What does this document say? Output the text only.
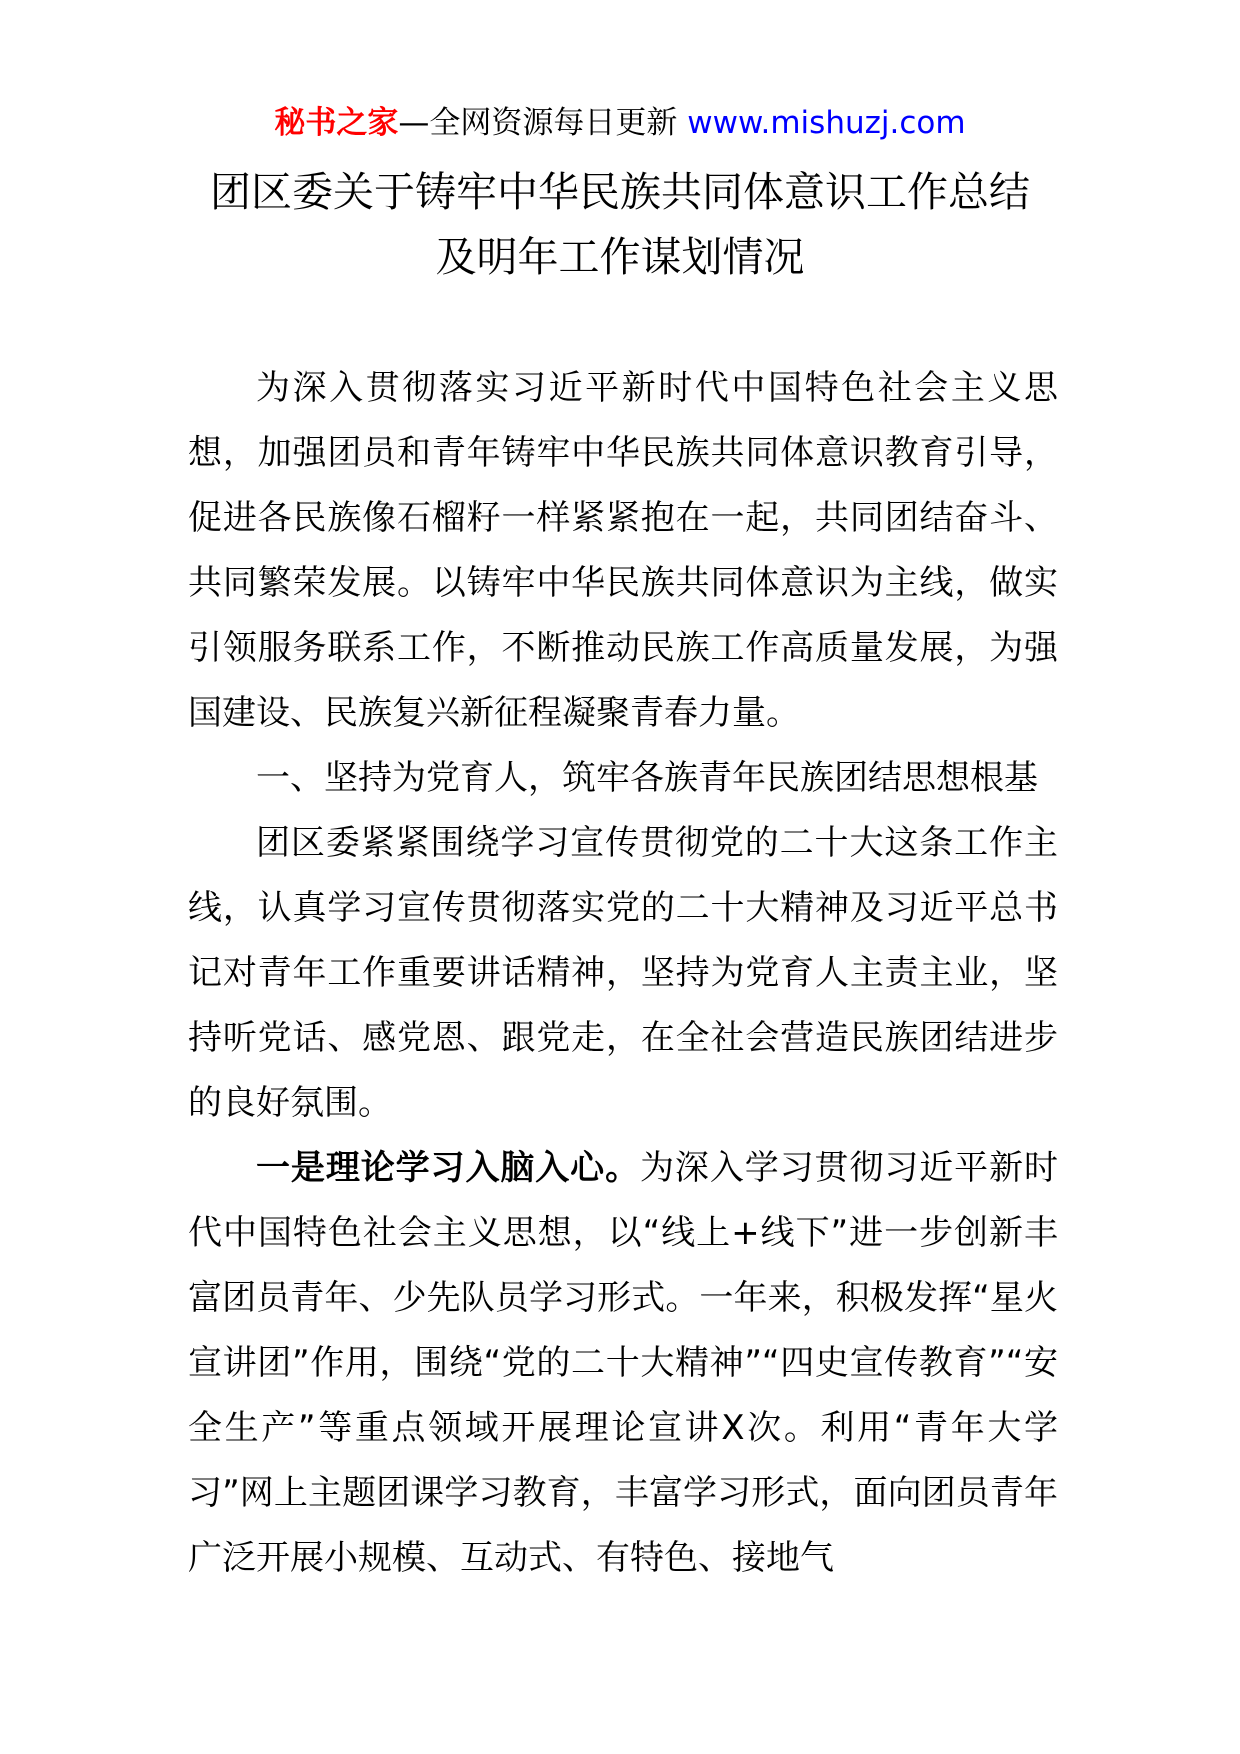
秘书之家—全网资源每日更新 www.mishuzj.com
团区委关于铸牢中华民族共同体意识工作总结
及明年工作谋划情况

为深入贯彻落实习近平新时代中国特色社会主义思想，加强团员和青年铸牢中华民族共同体意识教育引导，促进各民族像石榴籽一样紧紧抱在一起，共同团结奋斗、共同繁荣发展。以铸牢中华民族共同体意识为主线，做实引领服务联系工作，不断推动民族工作高质量发展，为强国建设、民族复兴新征程凝聚青春力量。

一、坚持为党育人，筑牢各族青年民族团结思想根基

团区委紧紧围绕学习宣传贯彻党的二十大这条工作主线，认真学习宣传贯彻落实党的二十大精神及习近平总书记对青年工作重要讲话精神，坚持为党育人主责主业，坚持听党话、感党恩、跟党走，在全社会营造民族团结进步的良好氛围。

一是理论学习入脑入心。为深入学习贯彻习近平新时代中国特色社会主义思想，以“线上+线下”进一步创新丰富团员青年、少先队员学习形式。一年来，积极发挥“星火宣讲团”作用，围绕“党的二十大精神”“四史宣传教育”“安全生产”等重点领域开展理论宣讲X次。利用“青年大学习”网上主题团课学习教育，丰富学习形式，面向团员青年广泛开展小规模、互动式、有特色、接地气
